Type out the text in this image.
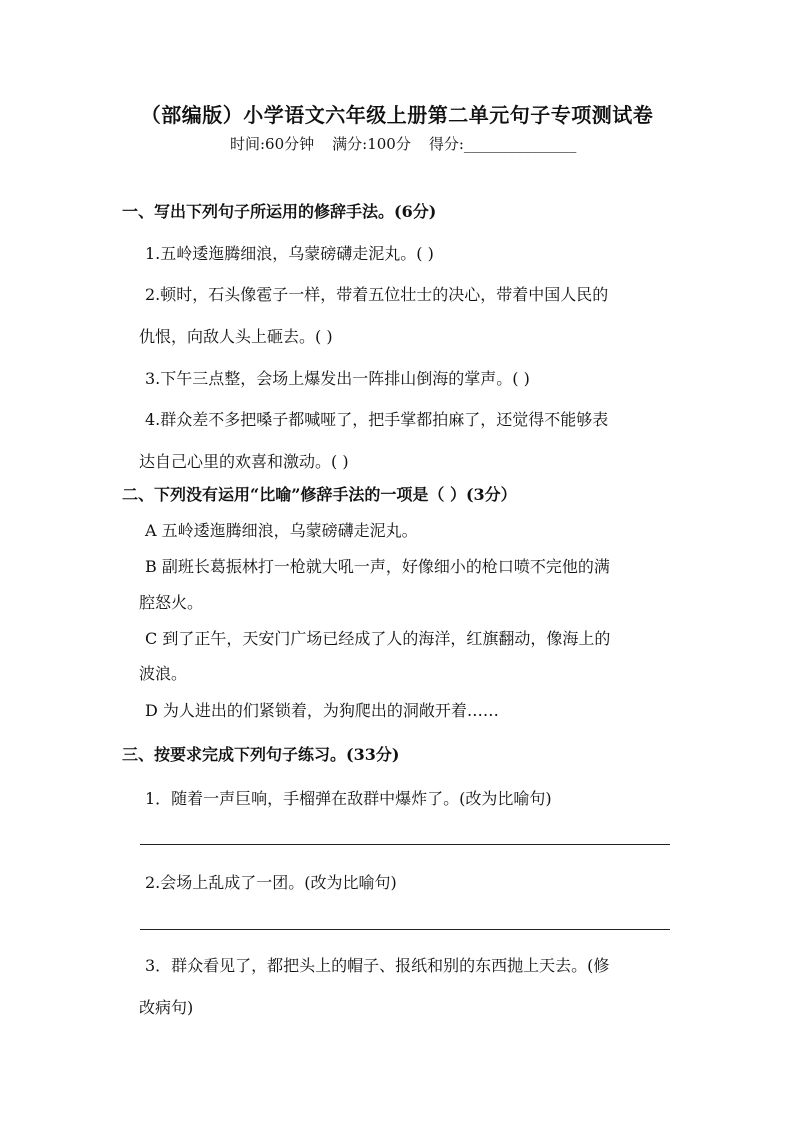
（部编版）小学语文六年级上册第二单元句子专项测试卷
时间:60分钟 满分:100分 得分:_______________
一、写出下列句子所运用的修辞手法。(6分)
1.五岭逶迤腾细浪，乌蒙磅礴走泥丸。( )
2.顿时，石头像雹子一样，带着五位壮士的决心，带着中国人民的
仇恨，向敌人头上砸去。( )
3.下午三点整，会场上爆发出一阵排山倒海的掌声。( )
4.群众差不多把嗓子都喊哑了，把手掌都拍麻了，还觉得不能够表
达自己心里的欢喜和激动。( )
二、下列没有运用“比喻”修辞手法的一项是（ ）(3分）
A 五岭逶迤腾细浪，乌蒙磅礴走泥丸。
B 副班长葛振林打一枪就大吼一声，好像细小的枪口喷不完他的满
腔怒火。
C 到了正午，天安门广场已经成了人的海洋，红旗翻动，像海上的
波浪。
D 为人进出的们紧锁着，为狗爬出的洞敞开着……
三、按要求完成下列句子练习。(33分)
1．随着一声巨响，手榴弹在敌群中爆炸了。(改为比喻句)
2.会场上乱成了一团。(改为比喻句)
3．群众看见了，都把头上的帽子、报纸和别的东西抛上天去。(修
改病句)
